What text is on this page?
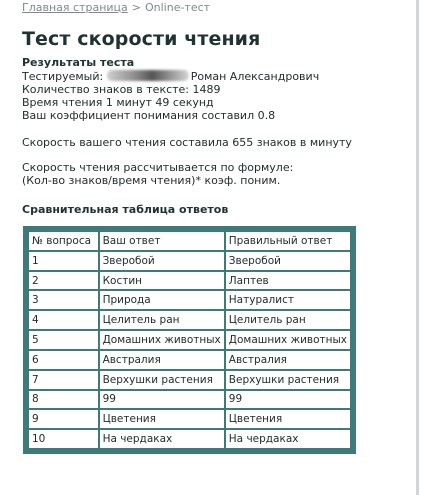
Главная страница > Online-тест
Тест скорости чтения
Результаты теста
Тестируемый:	Роман Александрович
Количество знаков в тексте: 1489
Время чтения 1 минут 49 секунд
Ваш коэффициент понимания составил 0.8
Скорость вашего чтения составила 655 знаков в минуту
Скорость чтения рассчитывается по формуле:
(Кол-во знаков/время чтения)* коэф. поним.
Сравнительная таблица ответов
№ вопроса	Ваш ответ	Правильный ответ
1	Зверобой	Зверобой
2	Костин	Лаптев
3	Природа	Натуралист
4	Целитель ран	Целитель ран
5	Домашних животных	Домашних животных
6	Австралия	Австралия
7	Верхушки растения	Верхушки растения
8	99	99
9	Цветения	Цветения
10	На чердаках	На чердаках
